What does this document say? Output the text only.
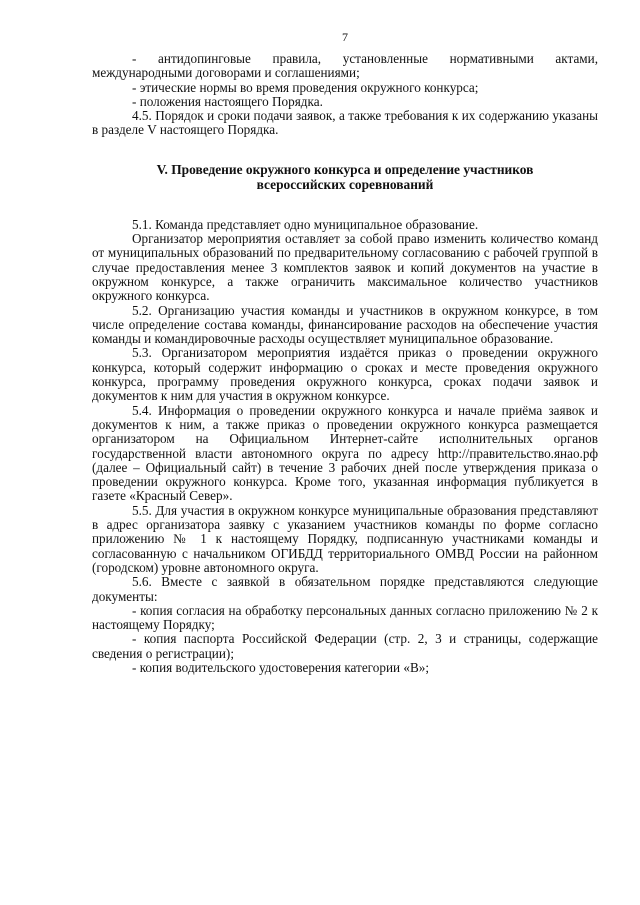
7

- антидопинговые правила, установленные нормативными актами, международными договорами и соглашениями;

- этические нормы во время проведения окружного конкурса;

- положения настоящего Порядка.

4.5. Порядок и сроки подачи заявок, а также требования к их содержанию указаны в разделе V настоящего Порядка.

V. Проведение окружного конкурса и определение участников
всероссийских соревнований

5.1. Команда представляет одно муниципальное образование.

Организатор мероприятия оставляет за собой право изменить количество команд от муниципальных образований по предварительному согласованию с рабочей группой в случае предоставления менее 3 комплектов заявок и копий документов на участие в окружном конкурсе, а также ограничить максимальное количество участников окружного конкурса.

5.2. Организацию участия команды и участников в окружном конкурсе, в том числе определение состава команды, финансирование расходов на обеспечение участия команды и командировочные расходы осуществляет муниципальное образование.

5.3. Организатором мероприятия издаётся приказ о проведении окружного конкурса, который содержит информацию о сроках и месте проведения окружного конкурса, программу проведения окружного конкурса, сроках подачи заявок и документов к ним для участия в окружном конкурсе.

5.4. Информация о проведении окружного конкурса и начале приёма заявок и документов к ним, а также приказ о проведении окружного конкурса размещается организатором на Официальном Интернет-сайте исполнительных органов государственной власти автономного округа по адресу http://правительство.янао.рф (далее – Официальный сайт) в течение 3 рабочих дней после утверждения приказа о проведении окружного конкурса. Кроме того, указанная информация публикуется в газете «Красный Север».

5.5. Для участия в окружном конкурсе муниципальные образования представляют в адрес организатора заявку с указанием участников команды по форме согласно приложению № 1 к настоящему Порядку, подписанную участниками команды и согласованную с начальником ОГИБДД территориального ОМВД России на районном (городском) уровне автономного округа.

5.6. Вместе с заявкой в обязательном порядке представляются следующие документы:

- копия согласия на обработку персональных данных согласно приложению № 2 к настоящему Порядку;

- копия паспорта Российской Федерации (стр. 2, 3 и страницы, содержащие сведения о регистрации);

- копия водительского удостоверения категории «В»;
